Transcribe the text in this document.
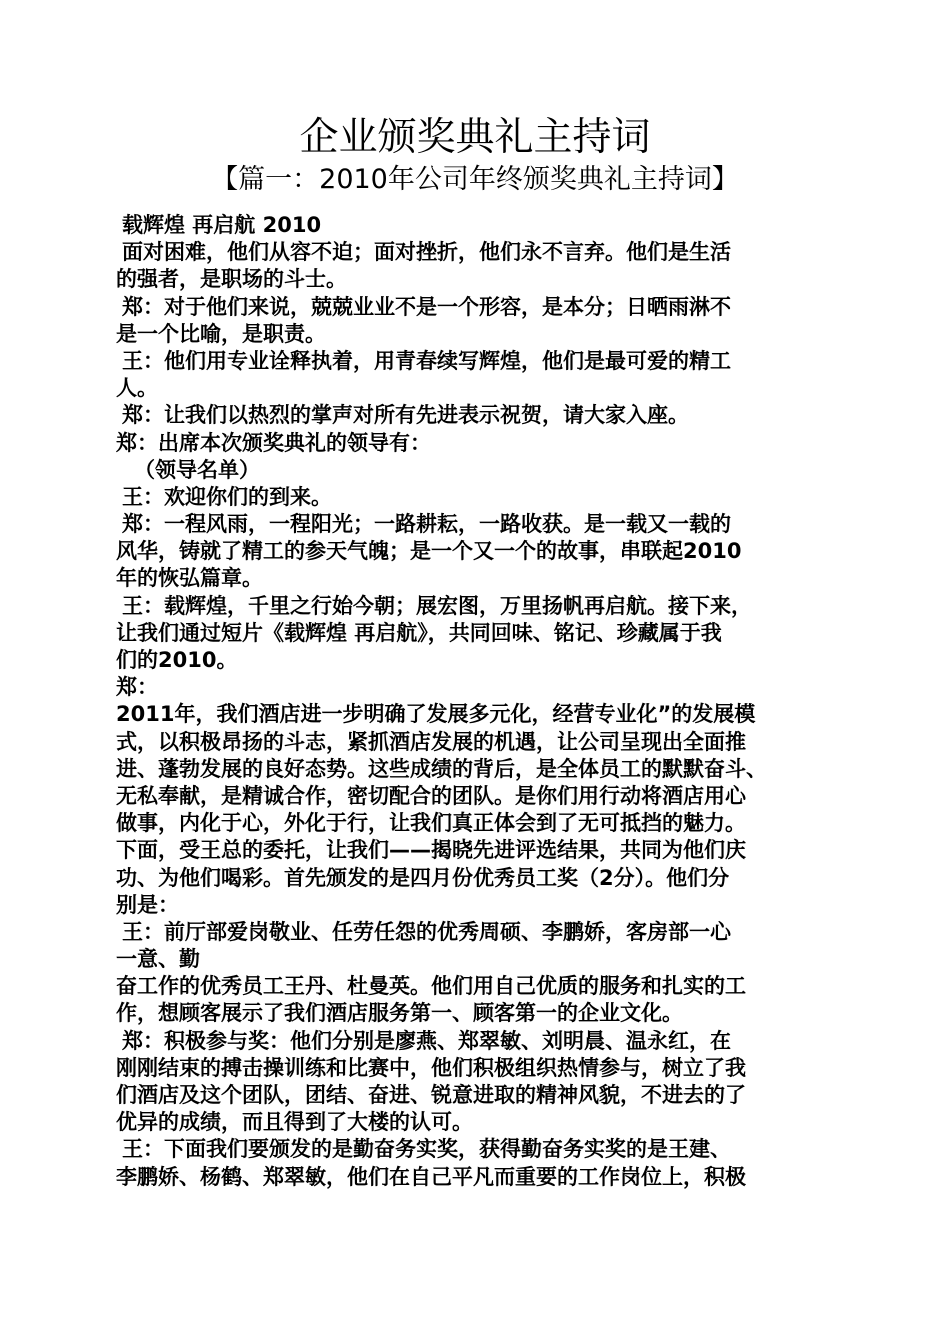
企业颁奖典礼主持词
【篇一：2010年公司年终颁奖典礼主持词】
载辉煌 再启航 2010
面对困难，他们从容不迫；面对挫折，他们永不言弃。他们是生活
的强者，是职场的斗士。
郑：对于他们来说，兢兢业业不是一个形容，是本分；日晒雨淋不
是一个比喻，是职责。
王：他们用专业诠释执着，用青春续写辉煌，他们是最可爱的精工
人。
郑：让我们以热烈的掌声对所有先进表示祝贺，请大家入座。
郑：出席本次颁奖典礼的领导有：
（领导名单）
王：欢迎你们的到来。
郑：一程风雨，一程阳光；一路耕耘，一路收获。是一载又一载的
风华，铸就了精工的参天气魄；是一个又一个的故事，串联起2010
年的恢弘篇章。
王：载辉煌，千里之行始今朝；展宏图，万里扬帆再启航。接下来，
让我们通过短片《载辉煌 再启航》，共同回味、铭记、珍藏属于我
们的2010。
郑：
2011年，我们酒店进一步明确了发展多元化，经营专业化”的发展模
式，以积极昂扬的斗志，紧抓酒店发展的机遇，让公司呈现出全面推
进、蓬勃发展的良好态势。这些成绩的背后，是全体员工的默默奋斗、
无私奉献，是精诚合作，密切配合的团队。是你们用行动将酒店用心
做事，内化于心，外化于行，让我们真正体会到了无可抵挡的魅力。
下面，受王总的委托，让我们——揭晓先进评选结果，共同为他们庆
功、为他们喝彩。首先颁发的是四月份优秀员工奖（2分）。他们分
别是：
王：前厅部爱岗敬业、任劳任怨的优秀周硕、李鹏娇，客房部一心
一意、勤
奋工作的优秀员工王丹、杜曼英。他们用自己优质的服务和扎实的工
作，想顾客展示了我们酒店服务第一、顾客第一的企业文化。
郑：积极参与奖：他们分别是廖燕、郑翠敏、刘明晨、温永红，在
刚刚结束的搏击操训练和比赛中，他们积极组织热情参与，树立了我
们酒店及这个团队，团结、奋进、锐意进取的精神风貌，不进去的了
优异的成绩，而且得到了大楼的认可。
王：下面我们要颁发的是勤奋务实奖，获得勤奋务实奖的是王建、
李鹏娇、杨鹤、郑翠敏，他们在自己平凡而重要的工作岗位上，积极
